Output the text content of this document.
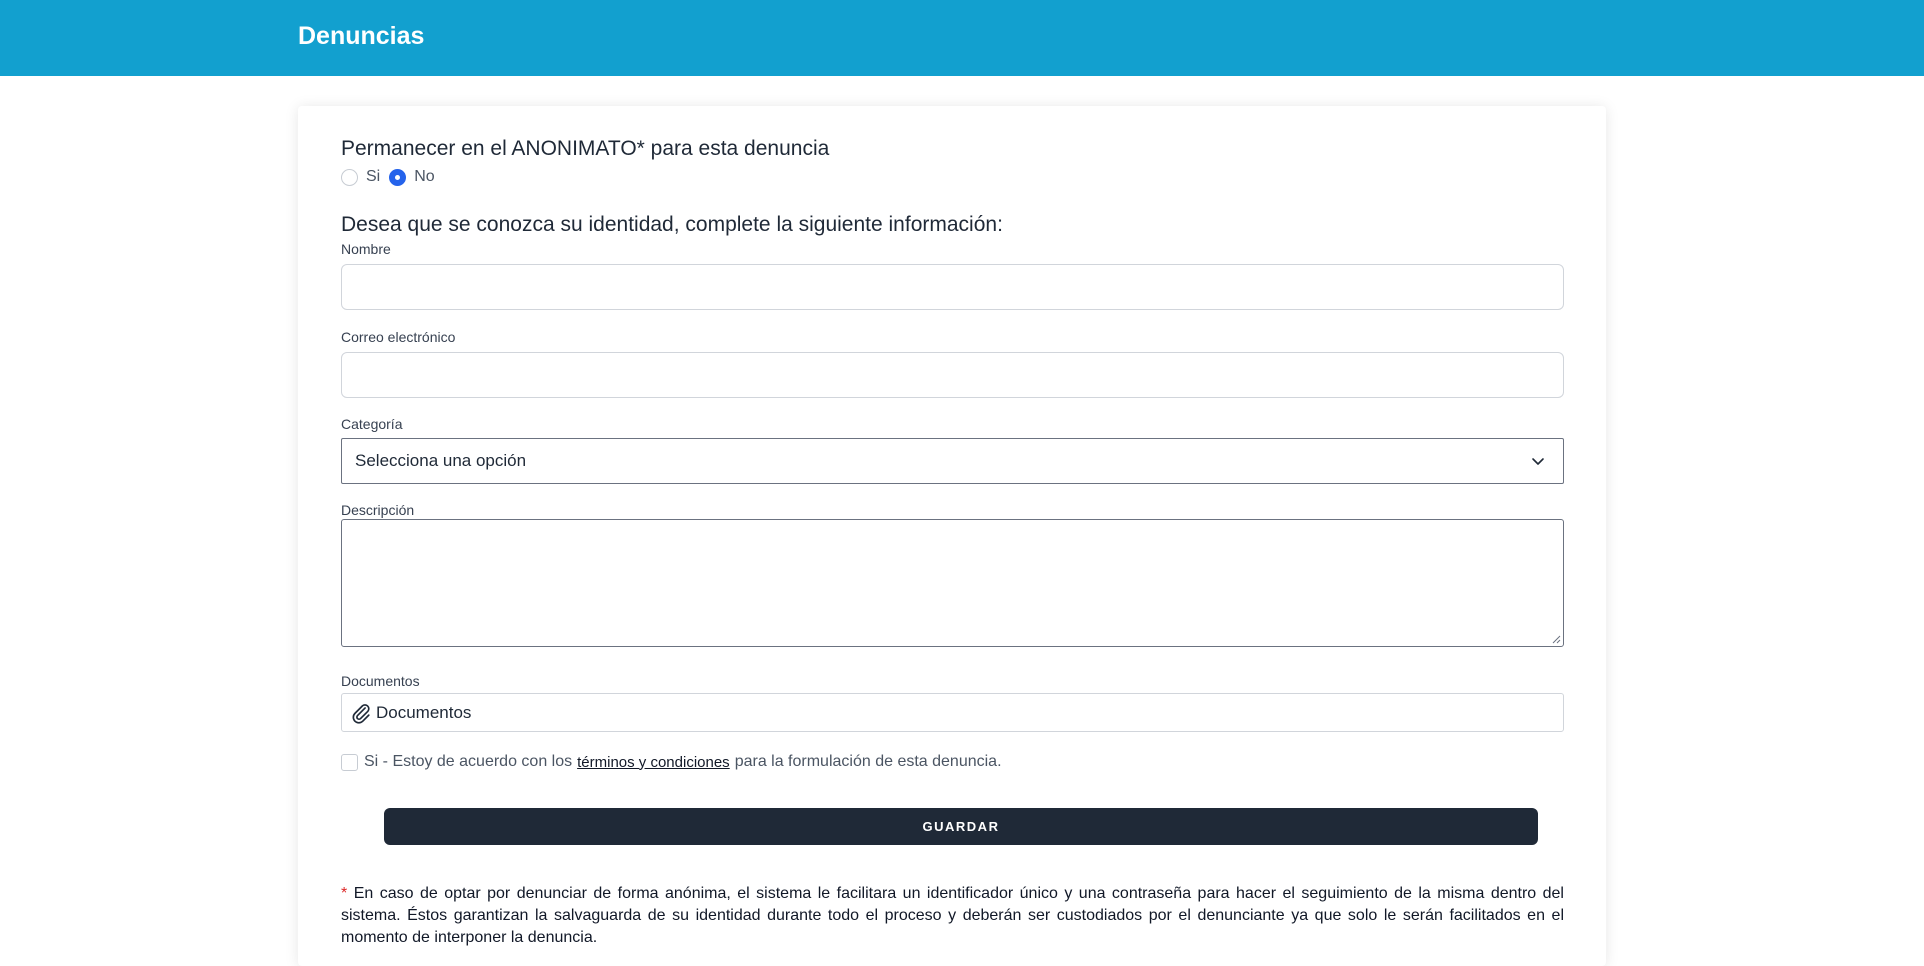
Denuncias
Permanecer en el ANONIMATO* para esta denuncia
Si No
Desea que se conozca su identidad, complete la siguiente información:
Nombre
Correo electrónico
Categoría
Selecciona una opción
Descripción
Documentos
Documentos
Si - Estoy de acuerdo con los términos y condiciones para la formulación de esta denuncia.
GUARDAR
* En caso de optar por denunciar de forma anónima, el sistema le facilitara un identificador único y una contraseña para hacer el seguimiento de la misma dentro del sistema. Éstos garantizan la salvaguarda de su identidad durante todo el proceso y deberán ser custodiados por el denunciante ya que solo le serán facilitados en el momento de interponer la denuncia.
